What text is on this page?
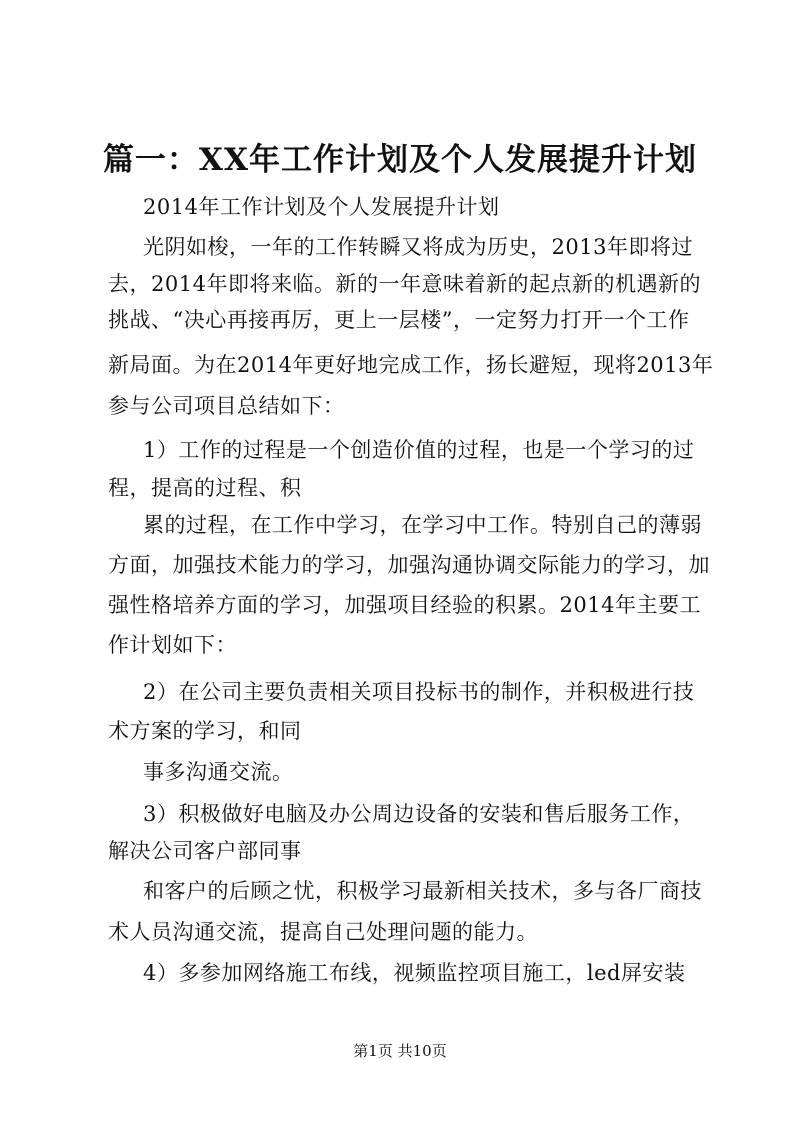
篇一：XX年工作计划及个人发展提升计划
2014年工作计划及个人发展提升计划
光阴如梭，一年的工作转瞬又将成为历史，2013年即将过
去，2014年即将来临。新的一年意味着新的起点新的机遇新的
挑战、“决心再接再厉，更上一层楼”，一定努力打开一个工作
新局面。为在2014年更好地完成工作，扬长避短，现将2013年
参与公司项目总结如下：
1）工作的过程是一个创造价值的过程，也是一个学习的过
程，提高的过程、积
累的过程，在工作中学习，在学习中工作。特别自己的薄弱
方面，加强技术能力的学习，加强沟通协调交际能力的学习，加
强性格培养方面的学习，加强项目经验的积累。2014年主要工
作计划如下：
2）在公司主要负责相关项目投标书的制作，并积极进行技
术方案的学习，和同
事多沟通交流。
3）积极做好电脑及办公周边设备的安装和售后服务工作，
解决公司客户部同事
和客户的后顾之忧，积极学习最新相关技术，多与各厂商技
术人员沟通交流，提高自己处理问题的能力。
4）多参加网络施工布线，视频监控项目施工，led屏安装
第1页 共10页
